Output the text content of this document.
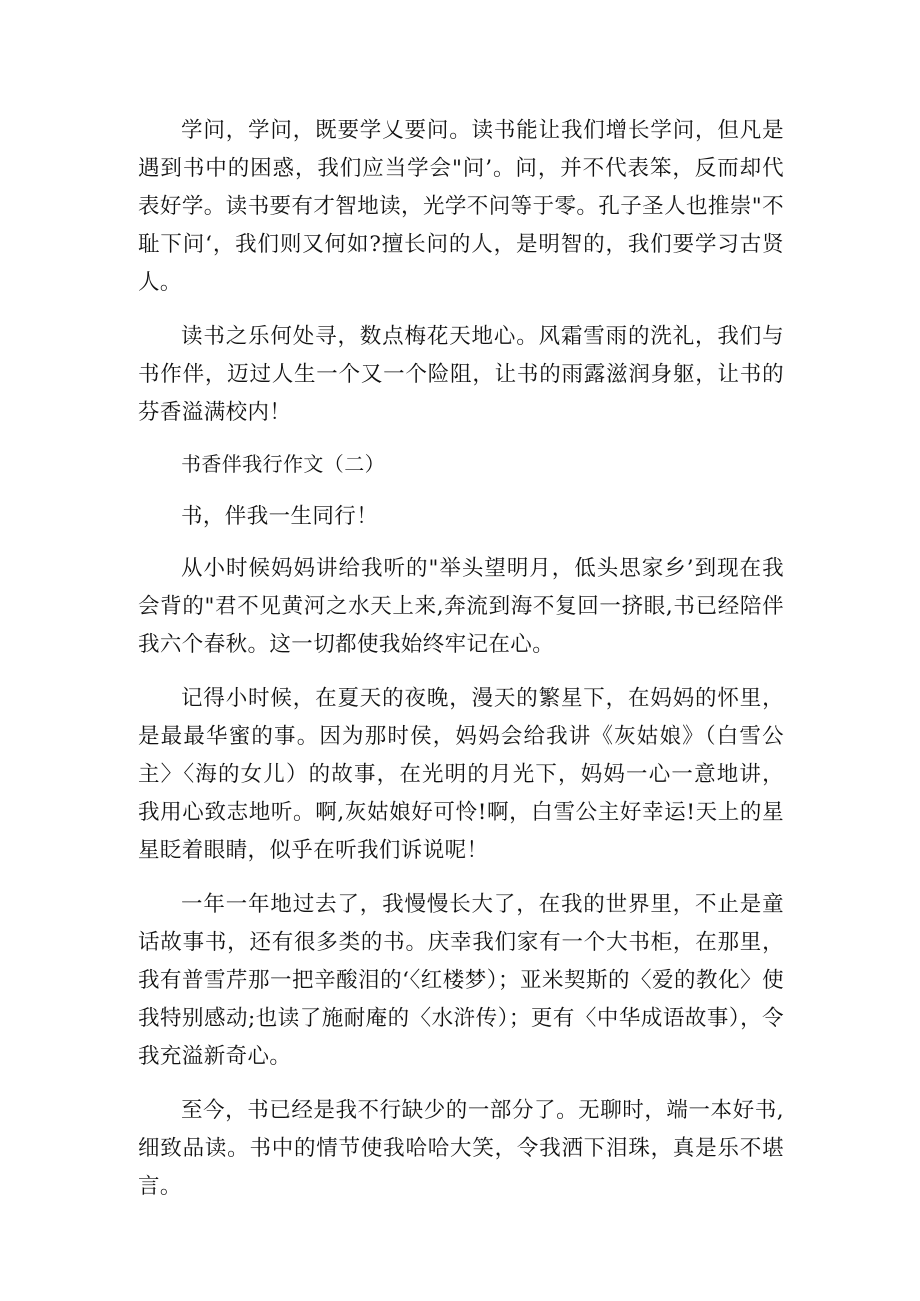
学问，学问，既要学乂要问。读书能让我们增长学问，但凡是遇到书中的困惑，我们应当学会"问’。问，并不代表笨，反而却代表好学。读书要有才智地读，光学不问等于零。孔子圣人也推崇"不耻下问‘，我们则又何如?擅长问的人，是明智的，我们要学习古贤人。

读书之乐何处寻，数点梅花天地心。风霜雪雨的洗礼，我们与书作伴，迈过人生一个又一个险阻，让书的雨露滋润身躯，让书的芬香溢满校内！

书香伴我行作文（二）

书，伴我一生同行！

从小时候妈妈讲给我听的"举头望明月，低头思家乡’到现在我会背的"君不见黄河之水天上来,奔流到海不复回一挤眼,书已经陪伴我六个春秋。这一切都使我始终牢记在心。

记得小时候，在夏天的夜晚，漫天的繁星下，在妈妈的怀里，是最最华蜜的事。因为那时侯，妈妈会给我讲《灰姑娘》（白雪公主〉〈海的女儿）的故事，在光明的月光下，妈妈一心一意地讲，我用心致志地听。啊,灰姑娘好可怜!啊，白雪公主好幸运!天上的星星眨着眼睛，似乎在听我们诉说呢！

一年一年地过去了，我慢慢长大了，在我的世界里，不止是童话故事书，还有很多类的书。庆幸我们家有一个大书柜，在那里，我有普雪芹那一把辛酸泪的‘〈红楼梦）；亚米契斯的〈爱的教化〉使我特别感动;也读了施耐庵的〈水浒传）；更有〈中华成语故事），令我充溢新奇心。

至今，书已经是我不行缺少的一部分了。无聊时，端一本好书,细致品读。书中的情节使我哈哈大笑，令我洒下泪珠，真是乐不堪言。
